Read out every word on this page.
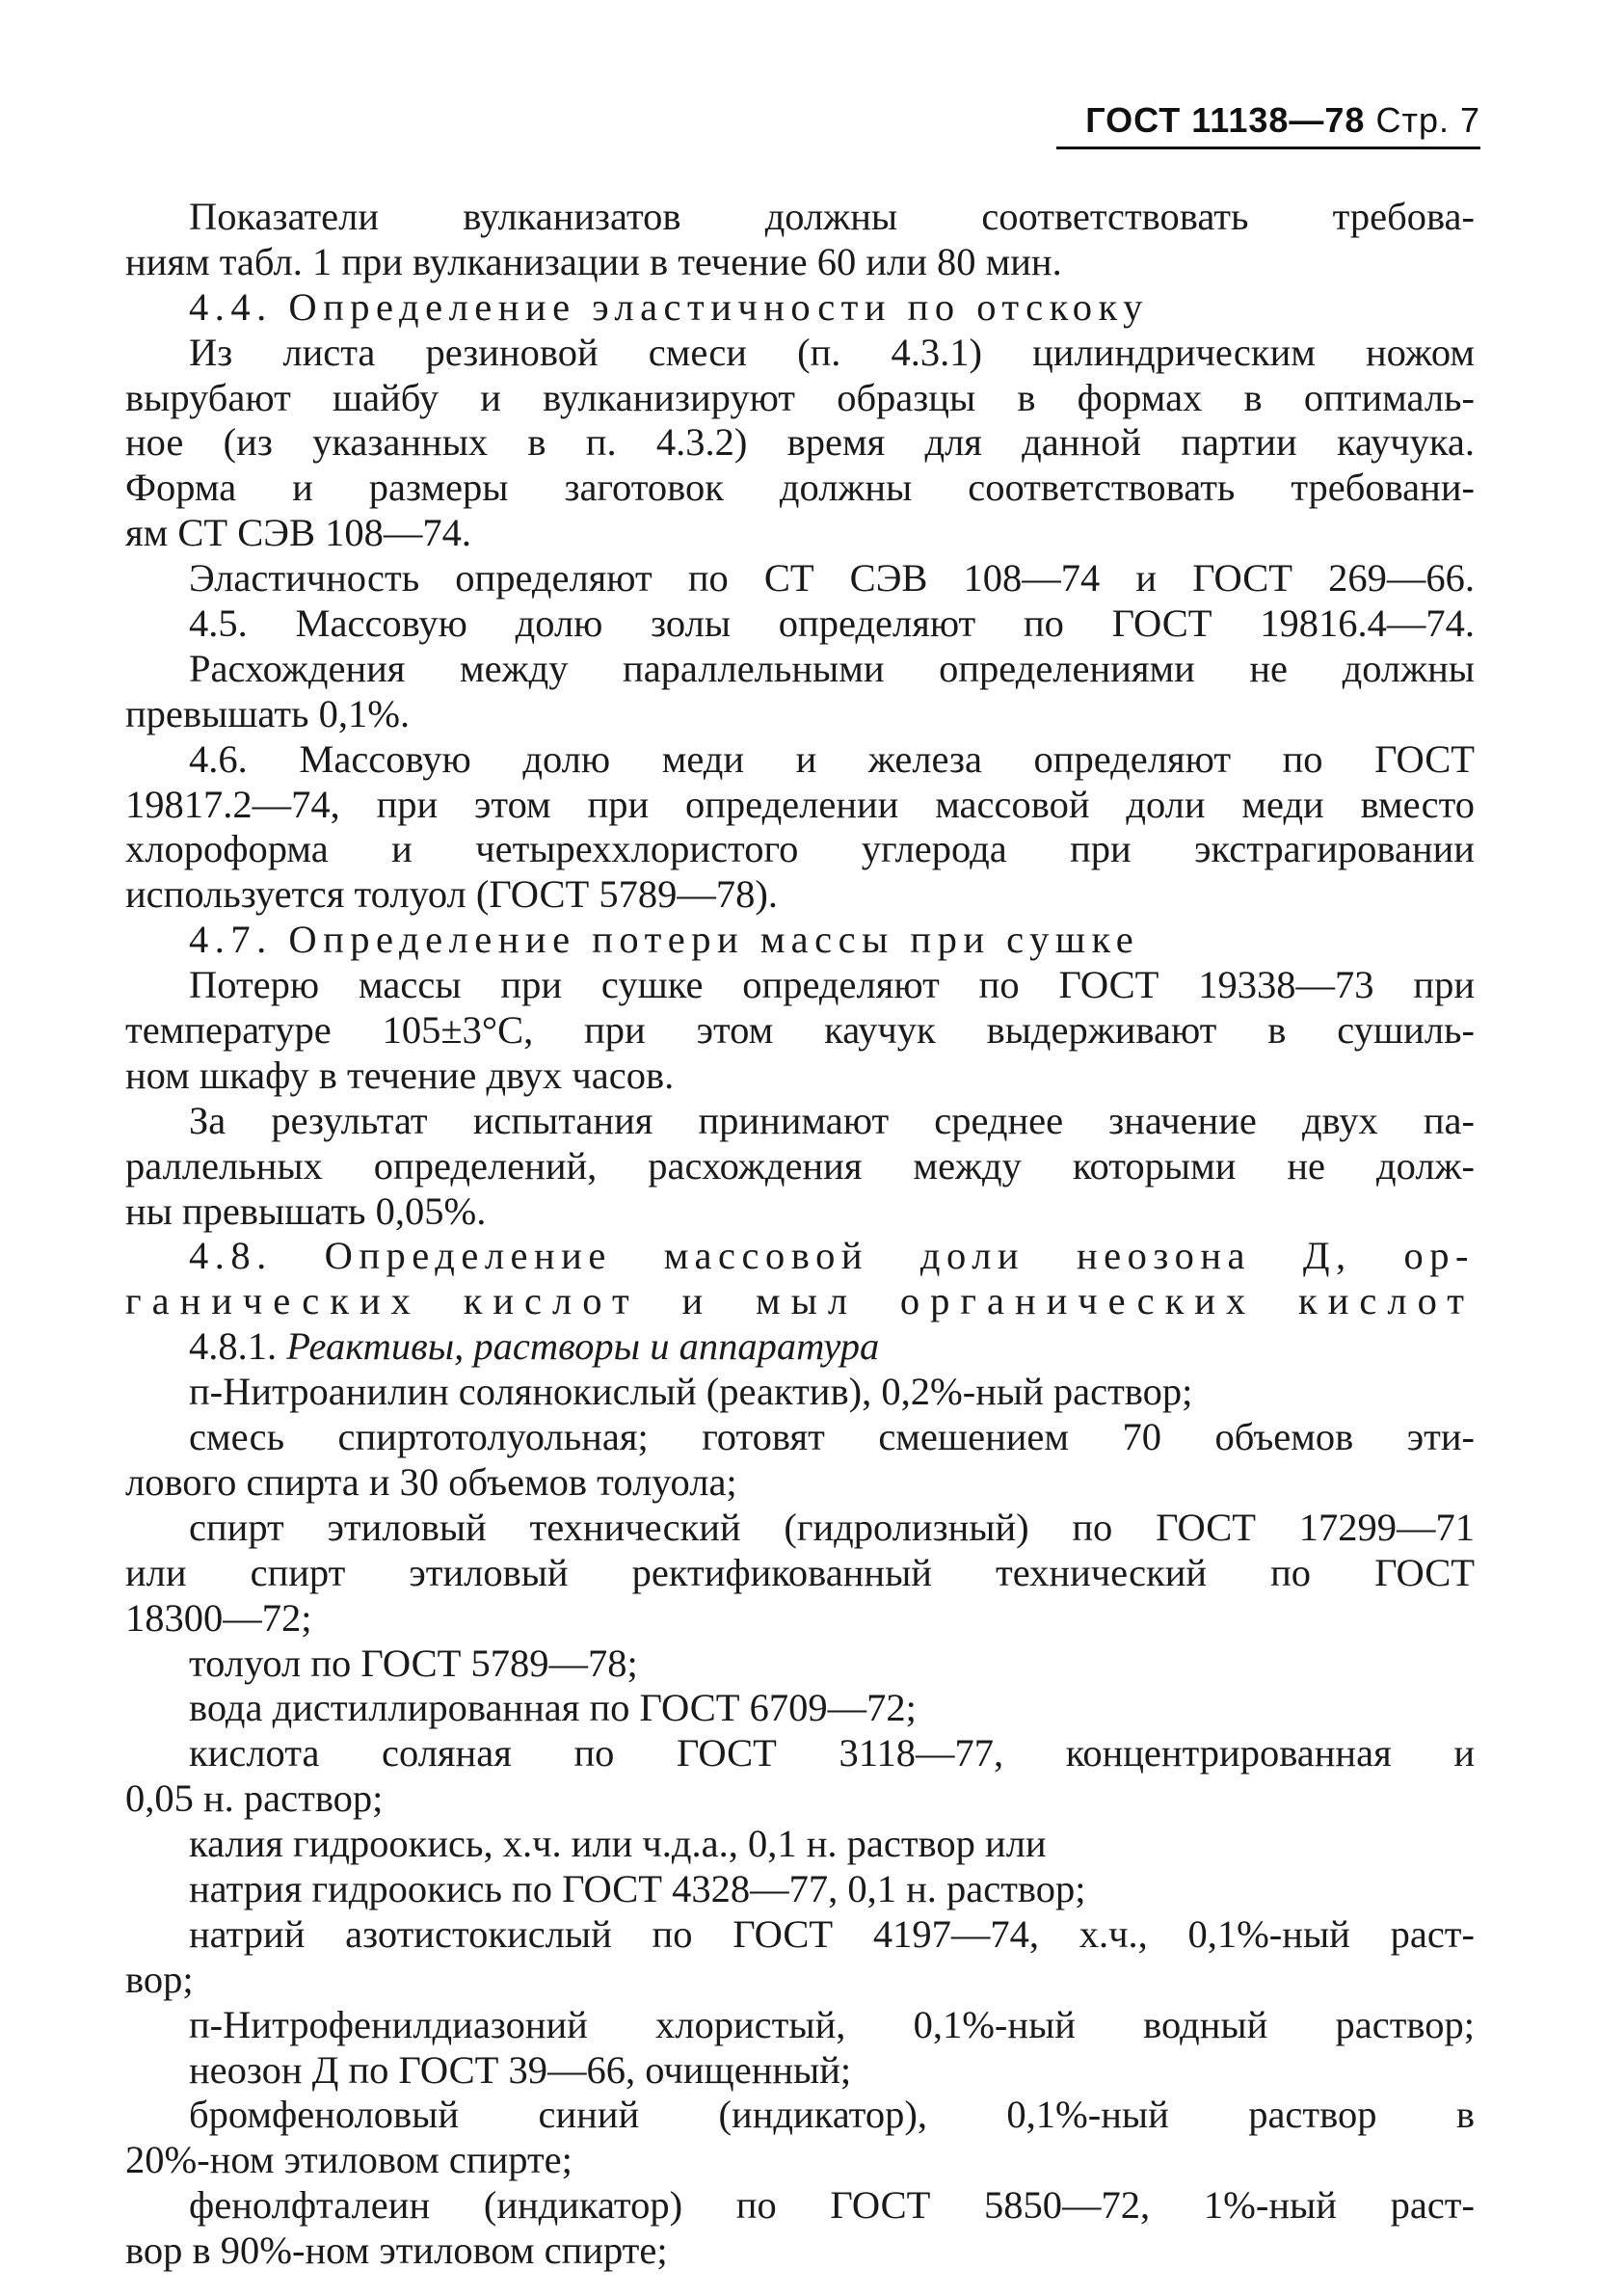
ГОСТ 11138—78 Стр. 7
Показатели вулканизатов должны соответствовать требова-
ниям табл. 1 при вулканизации в течение 60 или 80 мин.
4.4. Определение эластичности по отскоку
Из листа резиновой смеси (п. 4.3.1) цилиндрическим ножом
вырубают шайбу и вулканизируют образцы в формах в оптималь-
ное (из указанных в п. 4.3.2) время для данной партии каучука.
Форма и размеры заготовок должны соответствовать требовани-
ям СТ СЭВ 108—74.
Эластичность определяют по СТ СЭВ 108—74 и ГОСТ 269—66.
4.5. Массовую долю золы определяют по ГОСТ 19816.4—74.
Расхождения между параллельными определениями не должны
превышать 0,1%.
4.6. Массовую долю меди и железа определяют по ГОСТ
19817.2—74, при этом при определении массовой доли меди вместо
хлороформа и четыреххлористого углерода при экстрагировании
используется толуол (ГОСТ 5789—78).
4.7. Определение потери массы при сушке
Потерю массы при сушке определяют по ГОСТ 19338—73 при
температуре 105±3°С, при этом каучук выдерживают в сушиль-
ном шкафу в течение двух часов.
За результат испытания принимают среднее значение двух па-
раллельных определений, расхождения между которыми не долж-
ны превышать 0,05%.
4.8. Определение массовой доли неозона Д, ор-
ганических кислот и мыл органических кислот
4.8.1. Реактивы, растворы и аппаратура
п-Нитроанилин солянокислый (реактив), 0,2%-ный раствор;
смесь спиртотолуольная; готовят смешением 70 объемов эти-
лового спирта и 30 объемов толуола;
спирт этиловый технический (гидролизный) по ГОСТ 17299—71
или спирт этиловый ректификованный технический по ГОСТ
18300—72;
толуол по ГОСТ 5789—78;
вода дистиллированная по ГОСТ 6709—72;
кислота соляная по ГОСТ 3118—77, концентрированная и
0,05 н. раствор;
калия гидроокись, х.ч. или ч.д.а., 0,1 н. раствор или
натрия гидроокись по ГОСТ 4328—77, 0,1 н. раствор;
натрий азотистокислый по ГОСТ 4197—74, х.ч., 0,1%-ный раст-
вор;
п-Нитрофенилдиазоний хлористый, 0,1%-ный водный раствор;
неозон Д по ГОСТ 39—66, очищенный;
бромфеноловый синий (индикатор), 0,1%-ный раствор в
20%-ном этиловом спирте;
фенолфталеин (индикатор) по ГОСТ 5850—72, 1%-ный раст-
вор в 90%-ном этиловом спирте;
